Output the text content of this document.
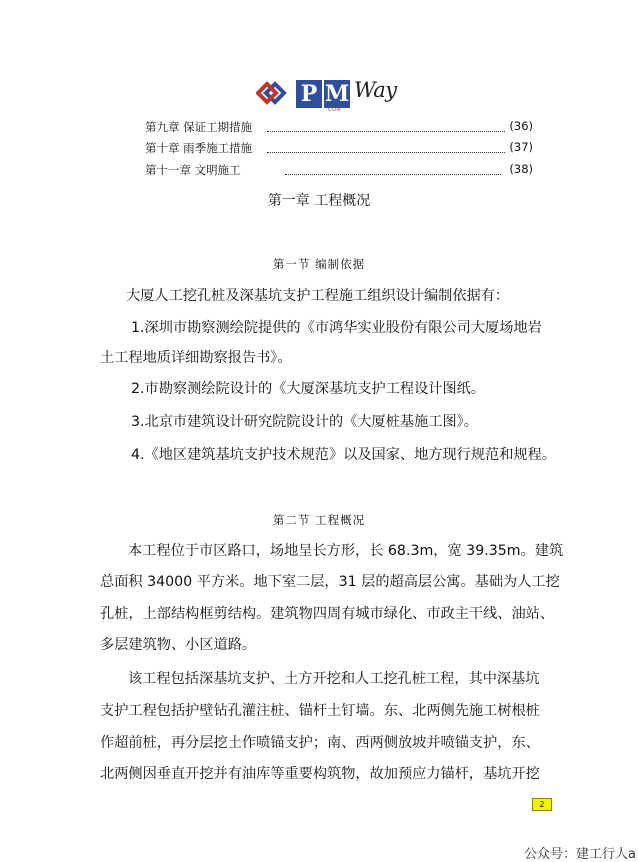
P M Way
COM
第九章 保证工期措施	(36)
第十章 雨季施工措施	(37)
第十一章 文明施工	(38)
第一章 工程概况
第一节 编制依据
大厦人工挖孔桩及深基坑支护工程施工组织设计编制依据有：
1.深圳市勘察测绘院提供的《市鸿华实业股份有限公司大厦场地岩
土工程地质详细勘察报告书》。
2.市勘察测绘院设计的《大厦深基坑支护工程设计图纸。
3.北京市建筑设计研究院院设计的《大厦桩基施工图》。
4.《地区建筑基坑支护技术规范》以及国家、地方现行规范和规程。
第二节 工程概况
本工程位于市区路口，场地呈长方形，长 68.3m，宽 39.35m。建筑
总面积 34000 平方米。地下室二层，31 层的超高层公寓。基础为人工挖
孔桩，上部结构框剪结构。建筑物四周有城市绿化、市政主干线、油站、
多层建筑物、小区道路。
该工程包括深基坑支护、土方开挖和人工挖孔桩工程，其中深基坑
支护工程包括护壁钻孔灌注桩、锚杆土钉墙。东、北两侧先施工树根桩
作超前桩，再分层挖土作喷锚支护；南、西两侧放坡并喷锚支护，东、
北两侧因垂直开挖并有油库等重要构筑物，故加预应力锚杆，基坑开挖
2
公众号：建工行人a
